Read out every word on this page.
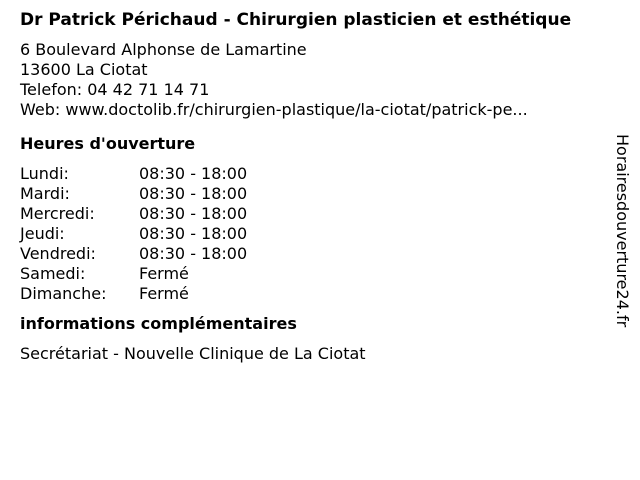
Dr Patrick Périchaud - Chirurgien plasticien et esthétique
6 Boulevard Alphonse de Lamartine
13600 La Ciotat
Telefon: 04 42 71 14 71
Web: www.doctolib.fr/chirurgien-plastique/la-ciotat/patrick-pe...
Heures d'ouverture
Lundi:	08:30 - 18:00
Mardi:	08:30 - 18:00
Mercredi:	08:30 - 18:00
Jeudi:	08:30 - 18:00
Vendredi:	08:30 - 18:00
Samedi:	Fermé
Dimanche:	Fermé
informations complémentaires
Secrétariat - Nouvelle Clinique de La Ciotat
Horairesdouverture24.fr
